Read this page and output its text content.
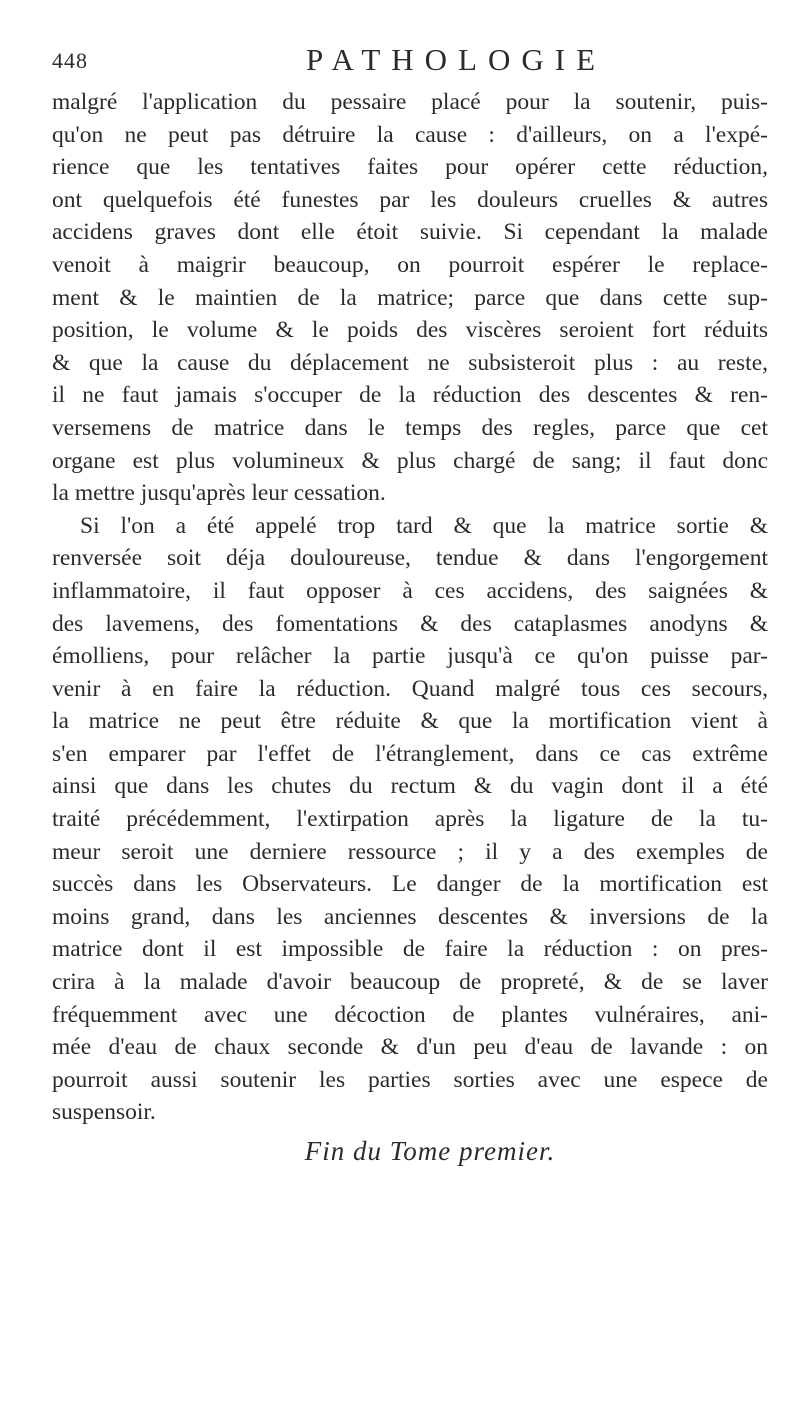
448	PATHOLOGIE
malgré l'application du pessaire placé pour la soutenir, puis-
qu'on ne peut pas détruire la cause : d'ailleurs, on a l'expé-
rience que les tentatives faites pour opérer cette réduction,
ont quelquefois été funestes par les douleurs cruelles & autres
accidens graves dont elle étoit suivie. Si cependant la malade
venoit à maigrir beaucoup, on pourroit espérer le replace-
ment & le maintien de la matrice; parce que dans cette sup-
position, le volume & le poids des viscères seroient fort réduits
& que la cause du déplacement ne subsisteroit plus : au reste,
il ne faut jamais s'occuper de la réduction des descentes & ren-
versemens de matrice dans le temps des regles, parce que cet
organe est plus volumineux & plus chargé de sang; il faut donc
la mettre jusqu'après leur cessation.
Si l'on a été appelé trop tard & que la matrice sortie &
renversée soit déja douloureuse, tendue & dans l'engorgement
inflammatoire, il faut opposer à ces accidens, des saignées &
des lavemens, des fomentations & des cataplasmes anodyns &
émolliens, pour relâcher la partie jusqu'à ce qu'on puisse par-
venir à en faire la réduction. Quand malgré tous ces secours,
la matrice ne peut être réduite & que la mortification vient à
s'en emparer par l'effet de l'étranglement, dans ce cas extrême
ainsi que dans les chutes du rectum & du vagin dont il a été
traité précédemment, l'extirpation après la ligature de la tu-
meur seroit une derniere ressource ; il y a des exemples de
succès dans les Observateurs. Le danger de la mortification est
moins grand, dans les anciennes descentes & inversions de la
matrice dont il est impossible de faire la réduction : on pres-
crira à la malade d'avoir beaucoup de propreté, & de se laver
fréquemment avec une décoction de plantes vulnéraires, ani-
mée d'eau de chaux seconde & d'un peu d'eau de lavande : on
pourroit aussi soutenir les parties sorties avec une espece de
suspensoir.
Fin du Tome premier.
